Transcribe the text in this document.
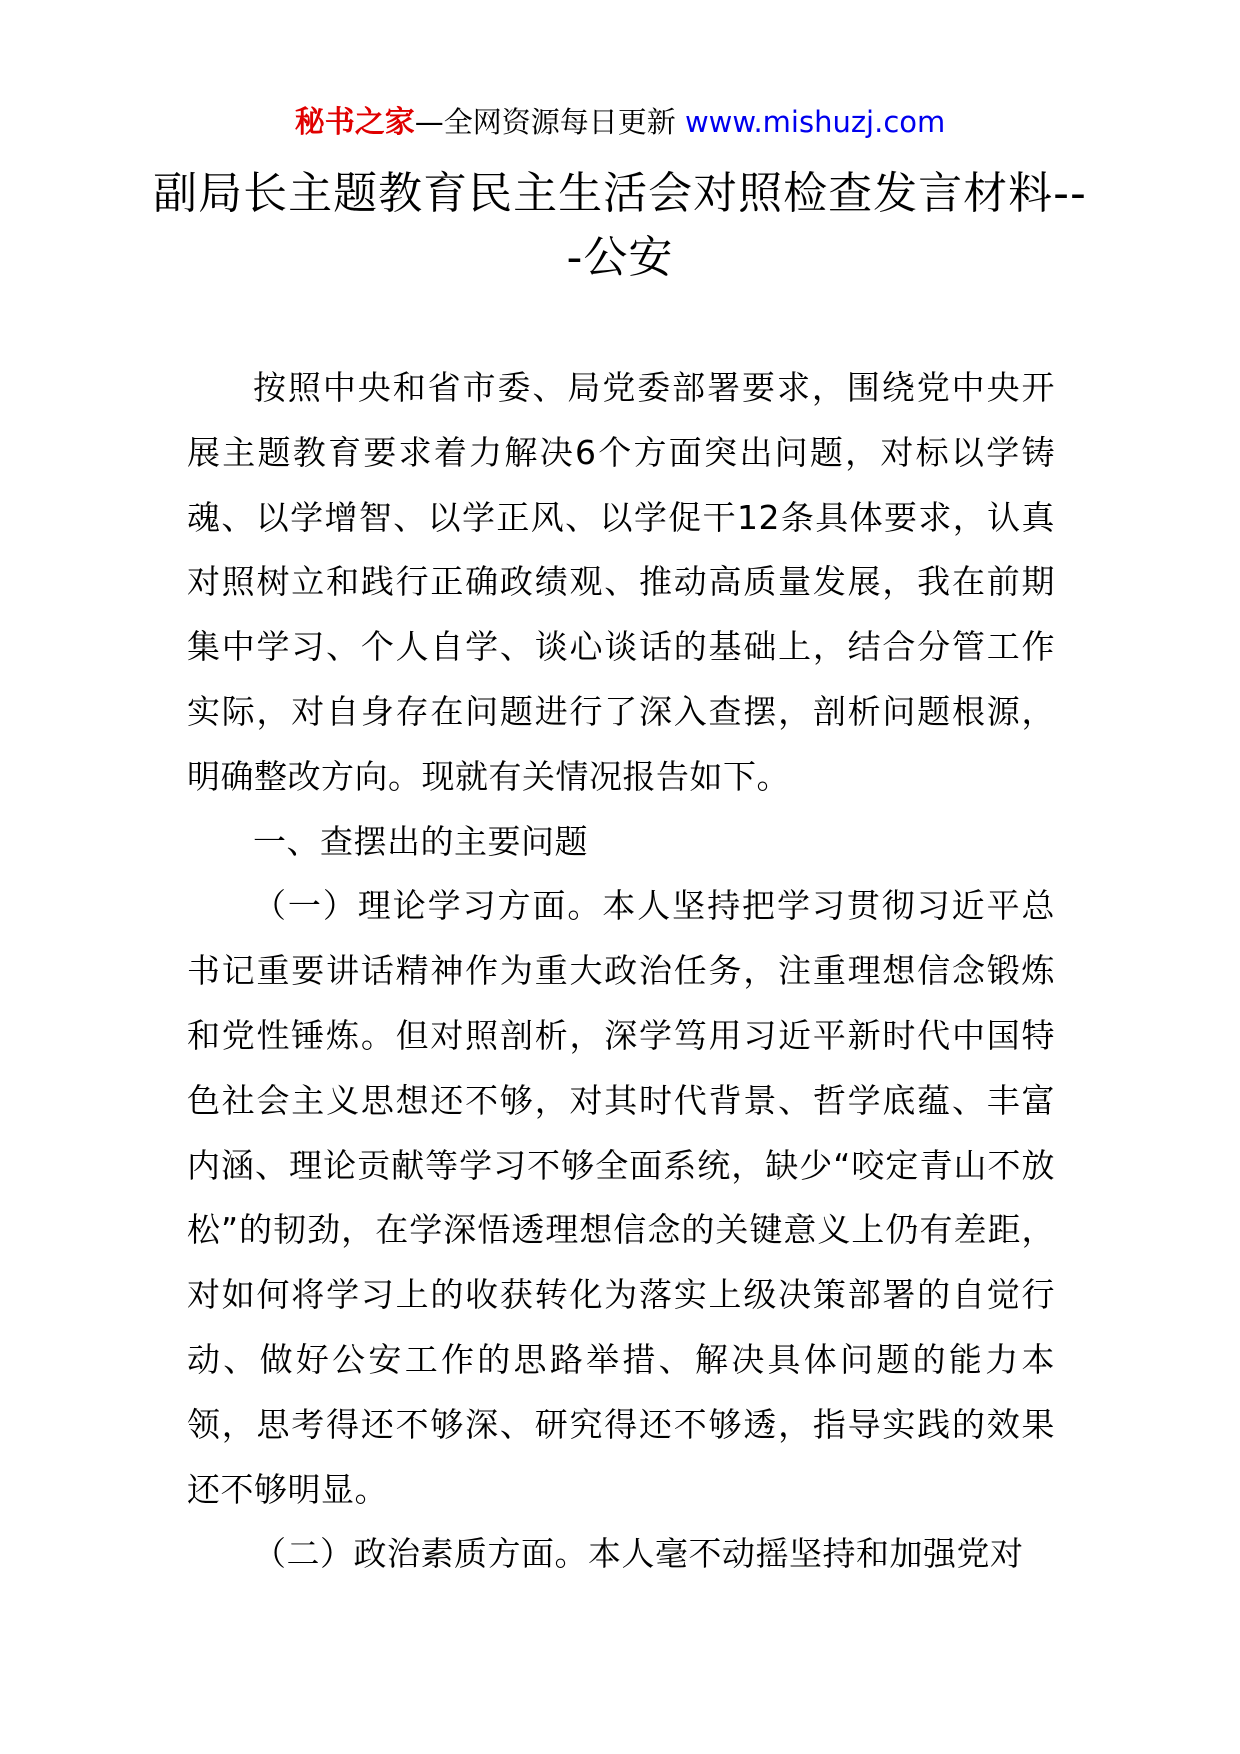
秘书之家—全网资源每日更新 www.mishuzj.com
副局长主题教育民主生活会对照检查发言材料---公安

按照中央和省市委、局党委部署要求，围绕党中央开展主题教育要求着力解决6个方面突出问题，对标以学铸魂、以学增智、以学正风、以学促干12条具体要求，认真对照树立和践行正确政绩观、推动高质量发展，我在前期集中学习、个人自学、谈心谈话的基础上，结合分管工作实际，对自身存在问题进行了深入查摆，剖析问题根源，明确整改方向。现就有关情况报告如下。

一、查摆出的主要问题

（一）理论学习方面。本人坚持把学习贯彻习近平总书记重要讲话精神作为重大政治任务，注重理想信念锻炼和党性锤炼。但对照剖析，深学笃用习近平新时代中国特色社会主义思想还不够，对其时代背景、哲学底蕴、丰富内涵、理论贡献等学习不够全面系统，缺少“咬定青山不放松”的韧劲，在学深悟透理想信念的关键意义上仍有差距，对如何将学习上的收获转化为落实上级决策部署的自觉行动、做好公安工作的思路举措、解决具体问题的能力本领，思考得还不够深、研究得还不够透，指导实践的效果还不够明显。

（二）政治素质方面。本人毫不动摇坚持和加强党对
